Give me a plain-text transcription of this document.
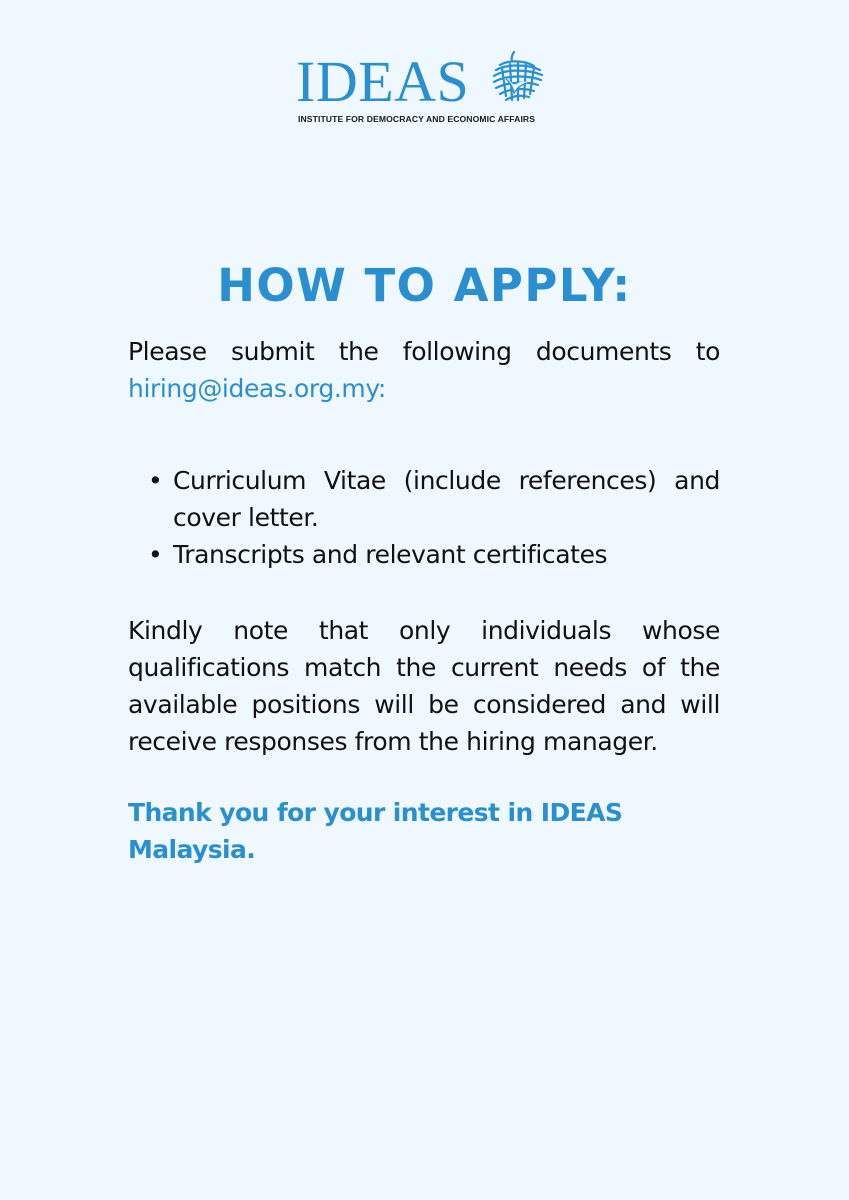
IDEAS
INSTITUTE FOR DEMOCRACY AND ECONOMIC AFFAIRS
HOW TO APPLY:

Please submit the following documents to hiring@ideas.org.my:

• Curriculum Vitae (include references) and cover letter.
• Transcripts and relevant certificates

Kindly note that only individuals whose qualifications match the current needs of the available positions will be considered and will receive responses from the hiring manager.

Thank you for your interest in IDEAS Malaysia.
